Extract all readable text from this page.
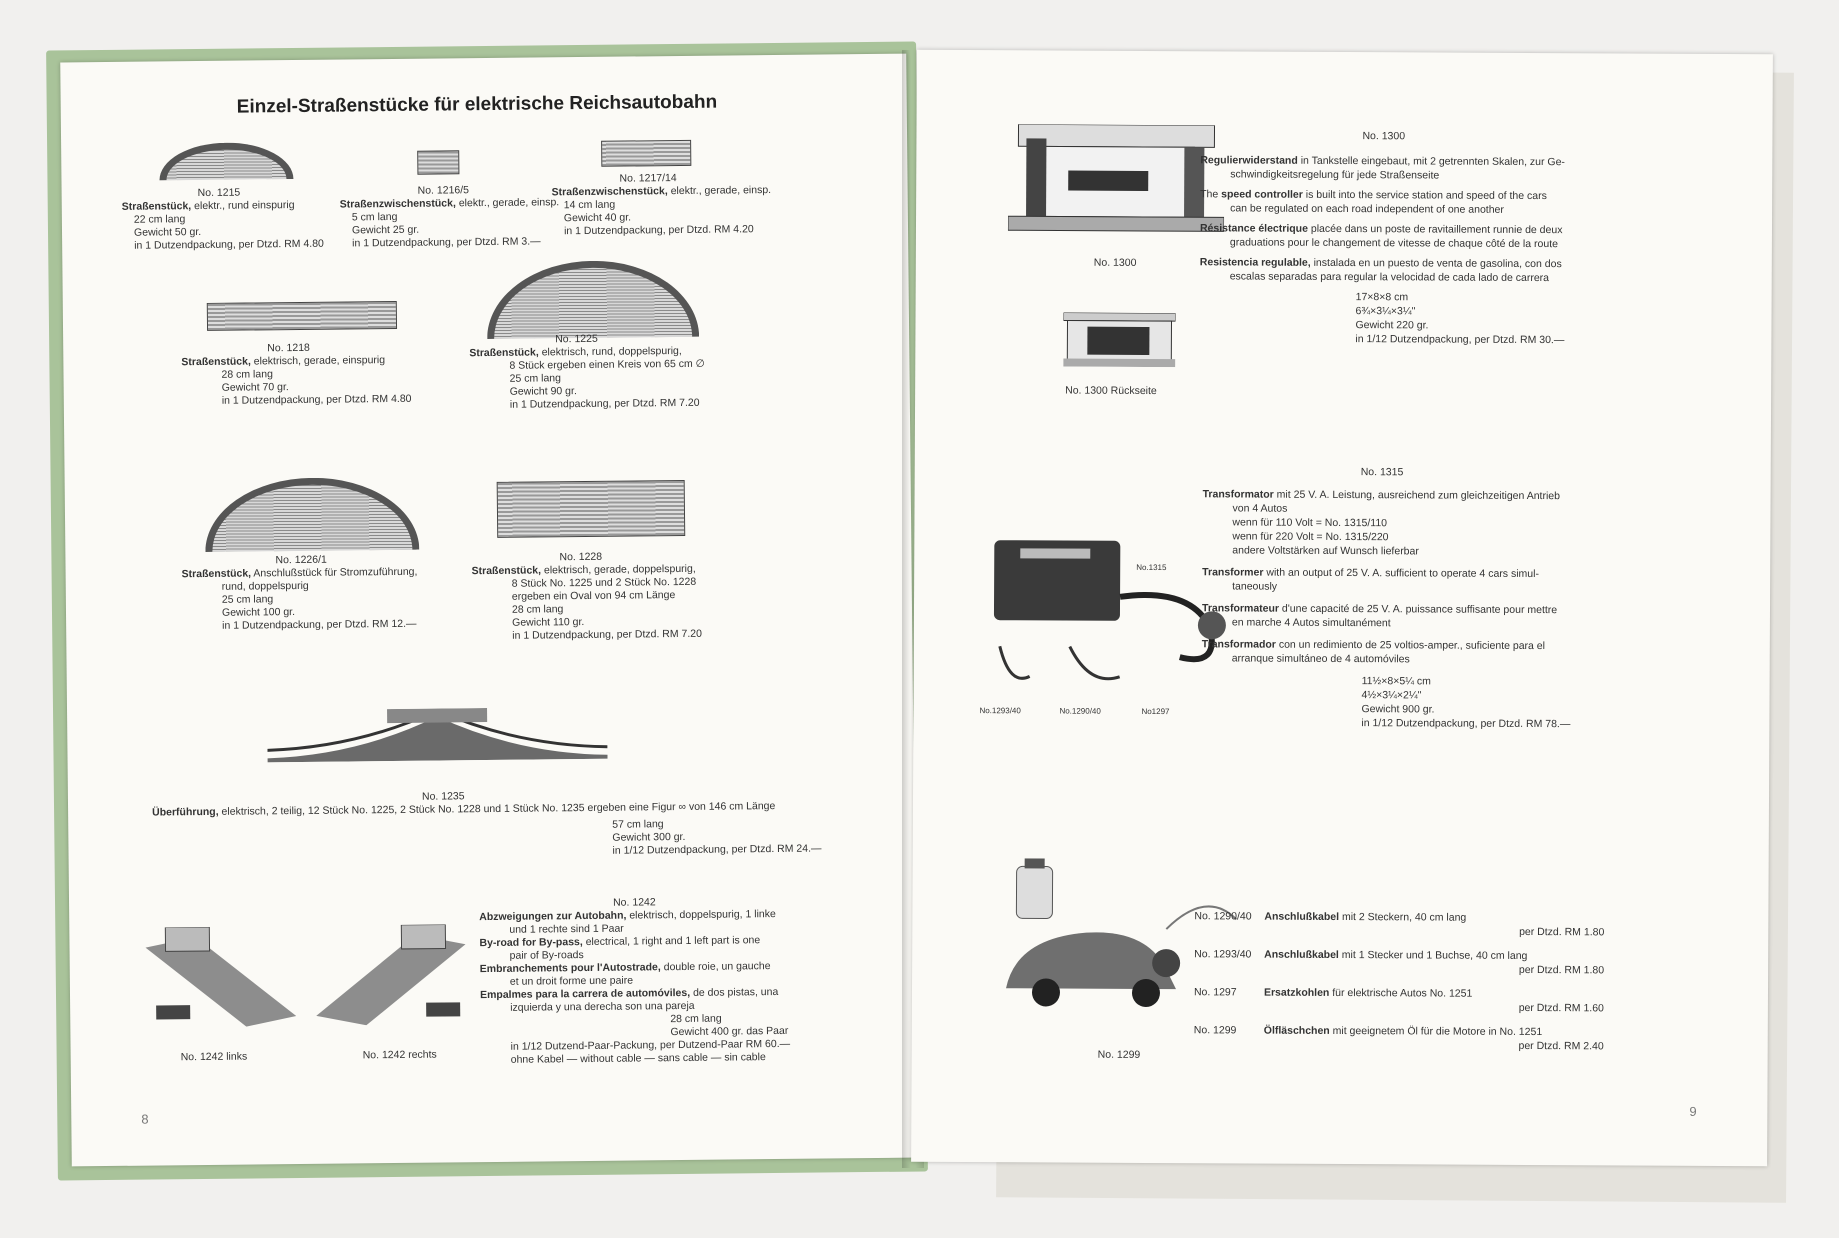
Einzel-Straßenstücke für elektrische Reichsautobahn
No. 1215
Straßenstück, elektr., rund einspurig
22 cm lang
Gewicht 50 gr.
in 1 Dutzendpackung, per Dtzd. RM 4.80
No. 1216/5
Straßenzwischenstück, elektr., gerade, einsp.
5 cm lang
Gewicht 25 gr.
in 1 Dutzendpackung, per Dtzd. RM 3.—
No. 1217/14
Straßenzwischenstück, elektr., gerade, einsp.
14 cm lang
Gewicht 40 gr.
in 1 Dutzendpackung, per Dtzd. RM 4.20
No. 1218
Straßenstück, elektrisch, gerade, einspurig
28 cm lang
Gewicht 70 gr.
in 1 Dutzendpackung, per Dtzd. RM 4.80
No. 1225
Straßenstück, elektrisch, rund, doppelspurig,
8 Stück ergeben einen Kreis von 65 cm ∅
25 cm lang
Gewicht 90 gr.
in 1 Dutzendpackung, per Dtzd. RM 7.20
No. 1226/1
Straßenstück, Anschlußstück für Stromzuführung,
rund, doppelspurig
25 cm lang
Gewicht 100 gr.
in 1 Dutzendpackung, per Dtzd. RM 12.—
No. 1228
Straßenstück, elektrisch, gerade, doppelspurig,
8 Stück No. 1225 und 2 Stück No. 1228
ergeben ein Oval von 94 cm Länge
28 cm lang
Gewicht 110 gr.
in 1 Dutzendpackung, per Dtzd. RM 7.20
No. 1235
Überführung, elektrisch, 2 teilig, 12 Stück No. 1225, 2 Stück No. 1228 und 1 Stück No. 1235 ergeben eine Figur ∞ von 146 cm Länge
57 cm lang
Gewicht 300 gr.
in 1/12 Dutzendpackung, per Dtzd. RM 24.—
No. 1242 links	No. 1242 rechts
No. 1242
Abzweigungen zur Autobahn, elektrisch, doppelspurig, 1 linke
und 1 rechte sind 1 Paar
By-road for By-pass, electrical, 1 right and 1 left part is one
pair of By-roads
Embranchements pour l'Autostrade, double roie, un gauche
et un droit forme une paire
Empalmes para la carrera de automóviles, de dos pistas, una
izquierda y una derecha son una pareja
28 cm lang
Gewicht 400 gr. das Paar
in 1/12 Dutzend-Paar-Packung, per Dutzend-Paar RM 60.—
ohne Kabel — without cable — sans cable — sin cable
8
No. 1300
No. 1300 Rückseite
No. 1300
Regulierwiderstand in Tankstelle eingebaut, mit 2 getrennten Skalen, zur Ge-
schwindigkeitsregelung für jede Straßenseite
The speed controller is built into the service station and speed of the cars
can be regulated on each road independent of one another
Résistance électrique placée dans un poste de ravitaillement runnie de deux
graduations pour le changement de vitesse de chaque côté de la route
Resistencia regulable, instalada en un puesto de venta de gasolina, con dos
escalas separadas para regular la velocidad de cada lado de carrera
17×8×8 cm
6¾×3¼×3¼"
Gewicht 220 gr.
in 1/12 Dutzendpackung, per Dtzd. RM 30.—
No.1315
No.1293/40	No.1290/40	No1297
No. 1315
Transformator mit 25 V. A. Leistung, ausreichend zum gleichzeitigen Antrieb
von 4 Autos
wenn für 110 Volt = No. 1315/110
wenn für 220 Volt = No. 1315/220
andere Voltstärken auf Wunsch lieferbar
Transformer with an output of 25 V. A. sufficient to operate 4 cars simul-
taneously
Transformateur d'une capacité de 25 V. A. puissance suffisante pour mettre
en marche 4 Autos simultanément
Transformador con un redimiento de 25 voltios-amper., suficiente para el
arranque simultáneo de 4 automóviles
11½×8×5¼ cm
4½×3¼×2¼"
Gewicht 900 gr.
in 1/12 Dutzendpackung, per Dtzd. RM 78.—
No. 1299
No. 1290/40 Anschlußkabel mit 2 Steckern, 40 cm lang
per Dtzd. RM 1.80
No. 1293/40 Anschlußkabel mit 1 Stecker und 1 Buchse, 40 cm lang
per Dtzd. RM 1.80
No. 1297	Ersatzkohlen für elektrische Autos No. 1251
per Dtzd. RM 1.60
No. 1299	Ölfläschchen mit geeignetem Öl für die Motore in No. 1251
per Dtzd. RM 2.40
9
